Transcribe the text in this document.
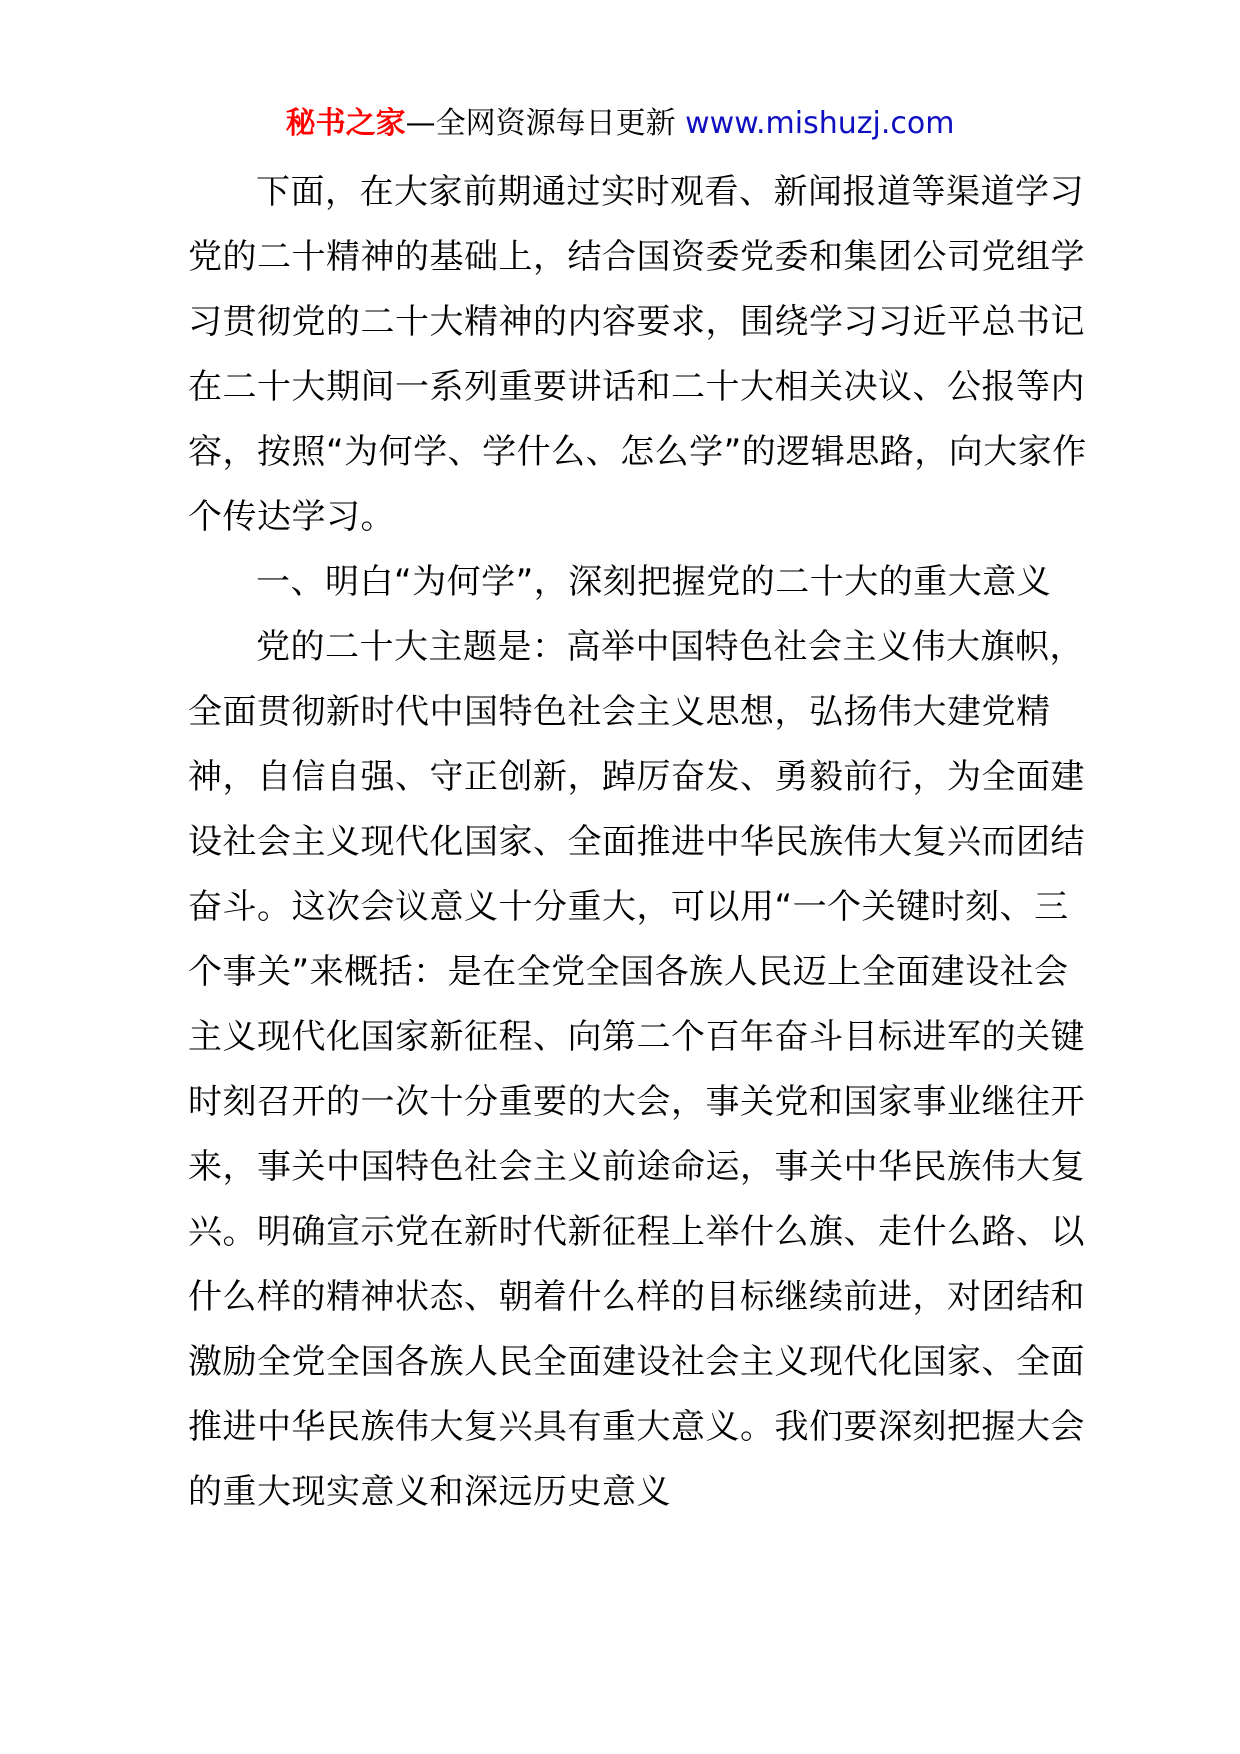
秘书之家—全网资源每日更新 www.mishuzj.com

下面，在大家前期通过实时观看、新闻报道等渠道学习党的二十精神的基础上，结合国资委党委和集团公司党组学习贯彻党的二十大精神的内容要求，围绕学习习近平总书记在二十大期间一系列重要讲话和二十大相关决议、公报等内容，按照“为何学、学什么、怎么学”的逻辑思路，向大家作个传达学习。

一、明白“为何学”，深刻把握党的二十大的重大意义

党的二十大主题是：高举中国特色社会主义伟大旗帜，全面贯彻新时代中国特色社会主义思想，弘扬伟大建党精神，自信自强、守正创新，踔厉奋发、勇毅前行，为全面建设社会主义现代化国家、全面推进中华民族伟大复兴而团结奋斗。这次会议意义十分重大，可以用“一个关键时刻、三个事关”来概括：是在全党全国各族人民迈上全面建设社会主义现代化国家新征程、向第二个百年奋斗目标进军的关键时刻召开的一次十分重要的大会，事关党和国家事业继往开来，事关中国特色社会主义前途命运，事关中华民族伟大复兴。明确宣示党在新时代新征程上举什么旗、走什么路、以什么样的精神状态、朝着什么样的目标继续前进，对团结和激励全党全国各族人民全面建设社会主义现代化国家、全面推进中华民族伟大复兴具有重大意义。我们要深刻把握大会的重大现实意义和深远历史意义
